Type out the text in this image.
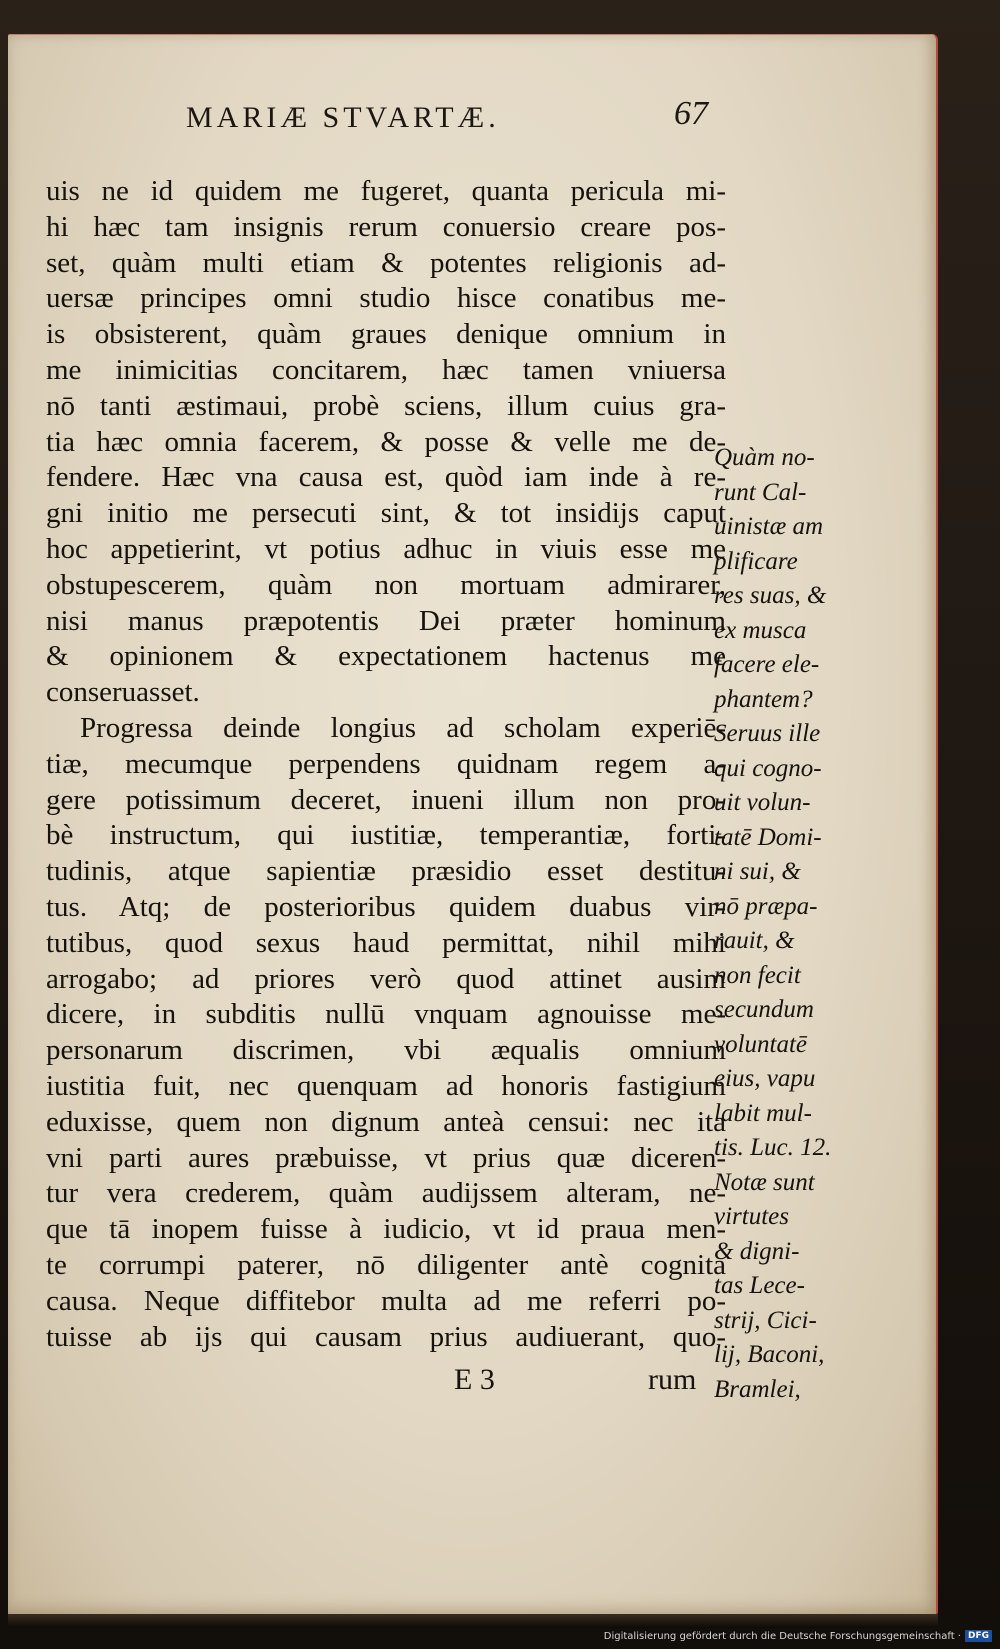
MARIÆ STVARTÆ.	67
uis ne id quidem me fugeret, quanta pericula mi-
hi hæc tam insignis rerum conuersio creare pos-
set, quàm multi etiam & potentes religionis ad-
uersæ principes omni studio hisce conatibus me-
is obsisterent, quàm graues denique omnium in
me inimicitias concitarem, hæc tamen vniuersa
nō tanti æstimaui, probè sciens, illum cuius gra-
tia hæc omnia facerem, & posse & velle me de-
fendere. Hæc vna causa est, quòd iam inde à re-
gni initio me persecuti sint, & tot insidijs caput
hoc appetierint, vt potius adhuc in viuis esse me
obstupescerem, quàm non mortuam admirarer,
nisi manus præpotentis Dei præter hominum
& opinionem & expectationem hactenus me
conseruasset.
Progressa deinde longius ad scholam experiē-
tiæ, mecumque perpendens quidnam regem a-
gere potissimum deceret, inueni illum non pro-
bè instructum, qui iustitiæ, temperantiæ, forti-
tudinis, atque sapientiæ præsidio esset destitu-
tus. Atq; de posterioribus quidem duabus vir-
tutibus, quod sexus haud permittat, nihil mihi
arrogabo; ad priores verò quod attinet ausim
dicere, in subditis nullū vnquam agnouisse me-
personarum discrimen, vbi æqualis omnium
iustitia fuit, nec quenquam ad honoris fastigium
eduxisse, quem non dignum anteà censui: nec ita
vni parti aures præbuisse, vt prius quæ diceren-
tur vera crederem, quàm audijssem alteram, ne-
que tā inopem fuisse à iudicio, vt id praua men-
te corrumpi paterer, nō diligenter antè cognita
causa. Neque diffitebor multa ad me referri po-
tuisse ab ijs qui causam prius audiuerant, quo-
E 3	rum
Quàm no-
runt Cal-
uinistæ am
plificare
res suas, &
ex musca
facere ele-
phantem?
Seruus ille
qui cogno-
uit volun-
tatē Domi-
ni sui, &
nō præpa-
rauit, &
non fecit
secundum
voluntatē
eius, vapu
labit mul-
tis. Luc. 12.
Notæ sunt
virtutes
& digni-
tas Lece-
strij, Cici-
lij, Baconi,
Bramlei,
Digitalisierung gefördert durch die Deutsche Forschungsgemeinschaft · DFG
